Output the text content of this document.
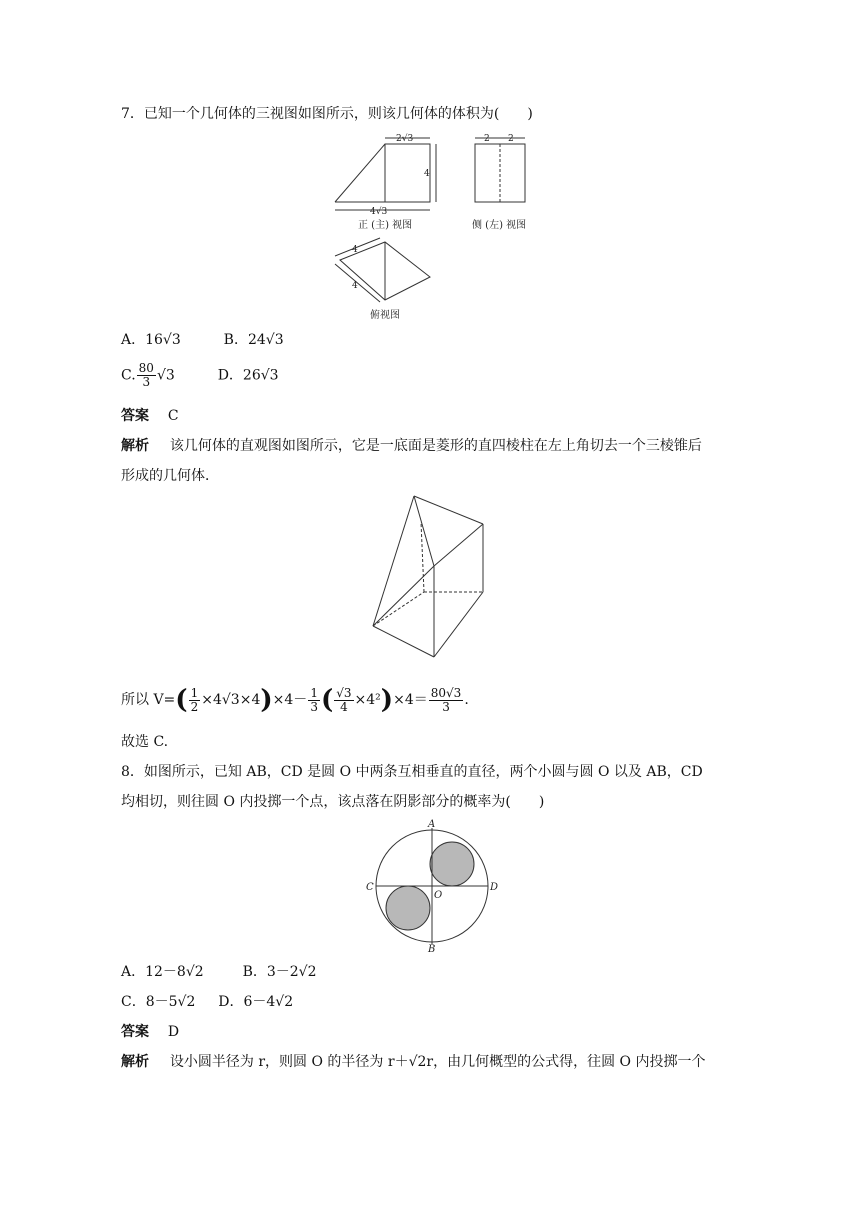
7．已知一个几何体的三视图如图所示，则该几何体的体积为(　　)
2√3
4
4√3
2 2
4
4
正 (主) 视图	侧 (左) 视图
俯视图
A．16√3	B．24√3
C. $\frac{80}{3} √3$	D．26√3
答案 C
解析 该几何体的直观图如图所示，它是一底面是菱形的直四棱柱在左上角切去一个三棱锥后
形成的几何体．
所以 $V=( \frac{1}{2} \times 4√3\times 4)\times 4- \frac{1}{3}$ ( $\frac{√3}{4} \times 4^2)\times 4= \frac{80√3}{3}$ .
故选 C.
8．如图所示，已知 AB，CD 是圆 O 中两条互相垂直的直径，两个小圆与圆 O 以及 AB，CD
均相切，则往圆 O 内投掷一个点，该点落在阴影部分的概率为(　　)
A
B
C	D
O
A．12－8√2	B．3－2√2
C．8－5√2 D．6－4√2
答案 D
解析 设小圆半径为 r，则圆 O 的半径为 r＋√2r，由几何概型的公式得，往圆 O 内投掷一个
